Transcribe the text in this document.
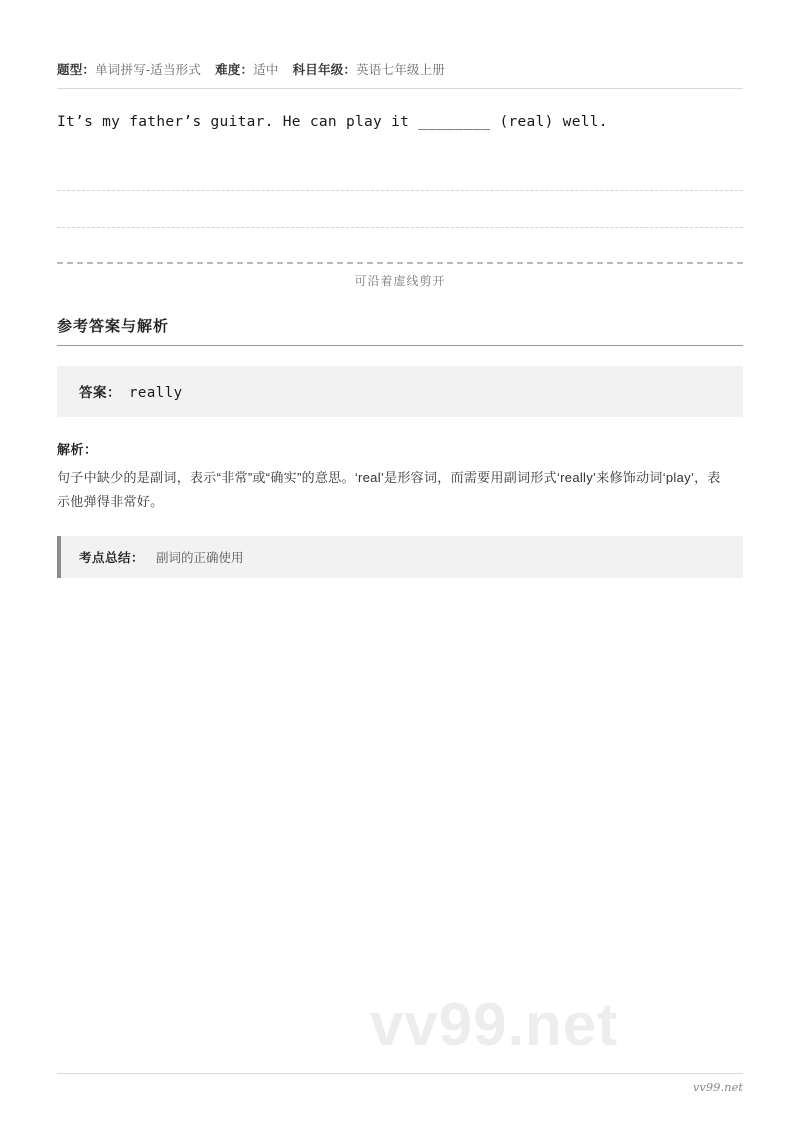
题型：单词拼写-适当形式 难度：适中 科目年级：英语七年级上册
It’s my father’s guitar. He can play it ________ (real) well.
可沿着虚线剪开
参考答案与解析
答案： really
解析：
句子中缺少的是副词，表示“非常”或“确实”的意思。‘real’是形容词，而需要用副词形式‘really’来修饰动词‘play’，表示他弹得非常好。
考点总结： 副词的正确使用
vv99.net
vv99.net
